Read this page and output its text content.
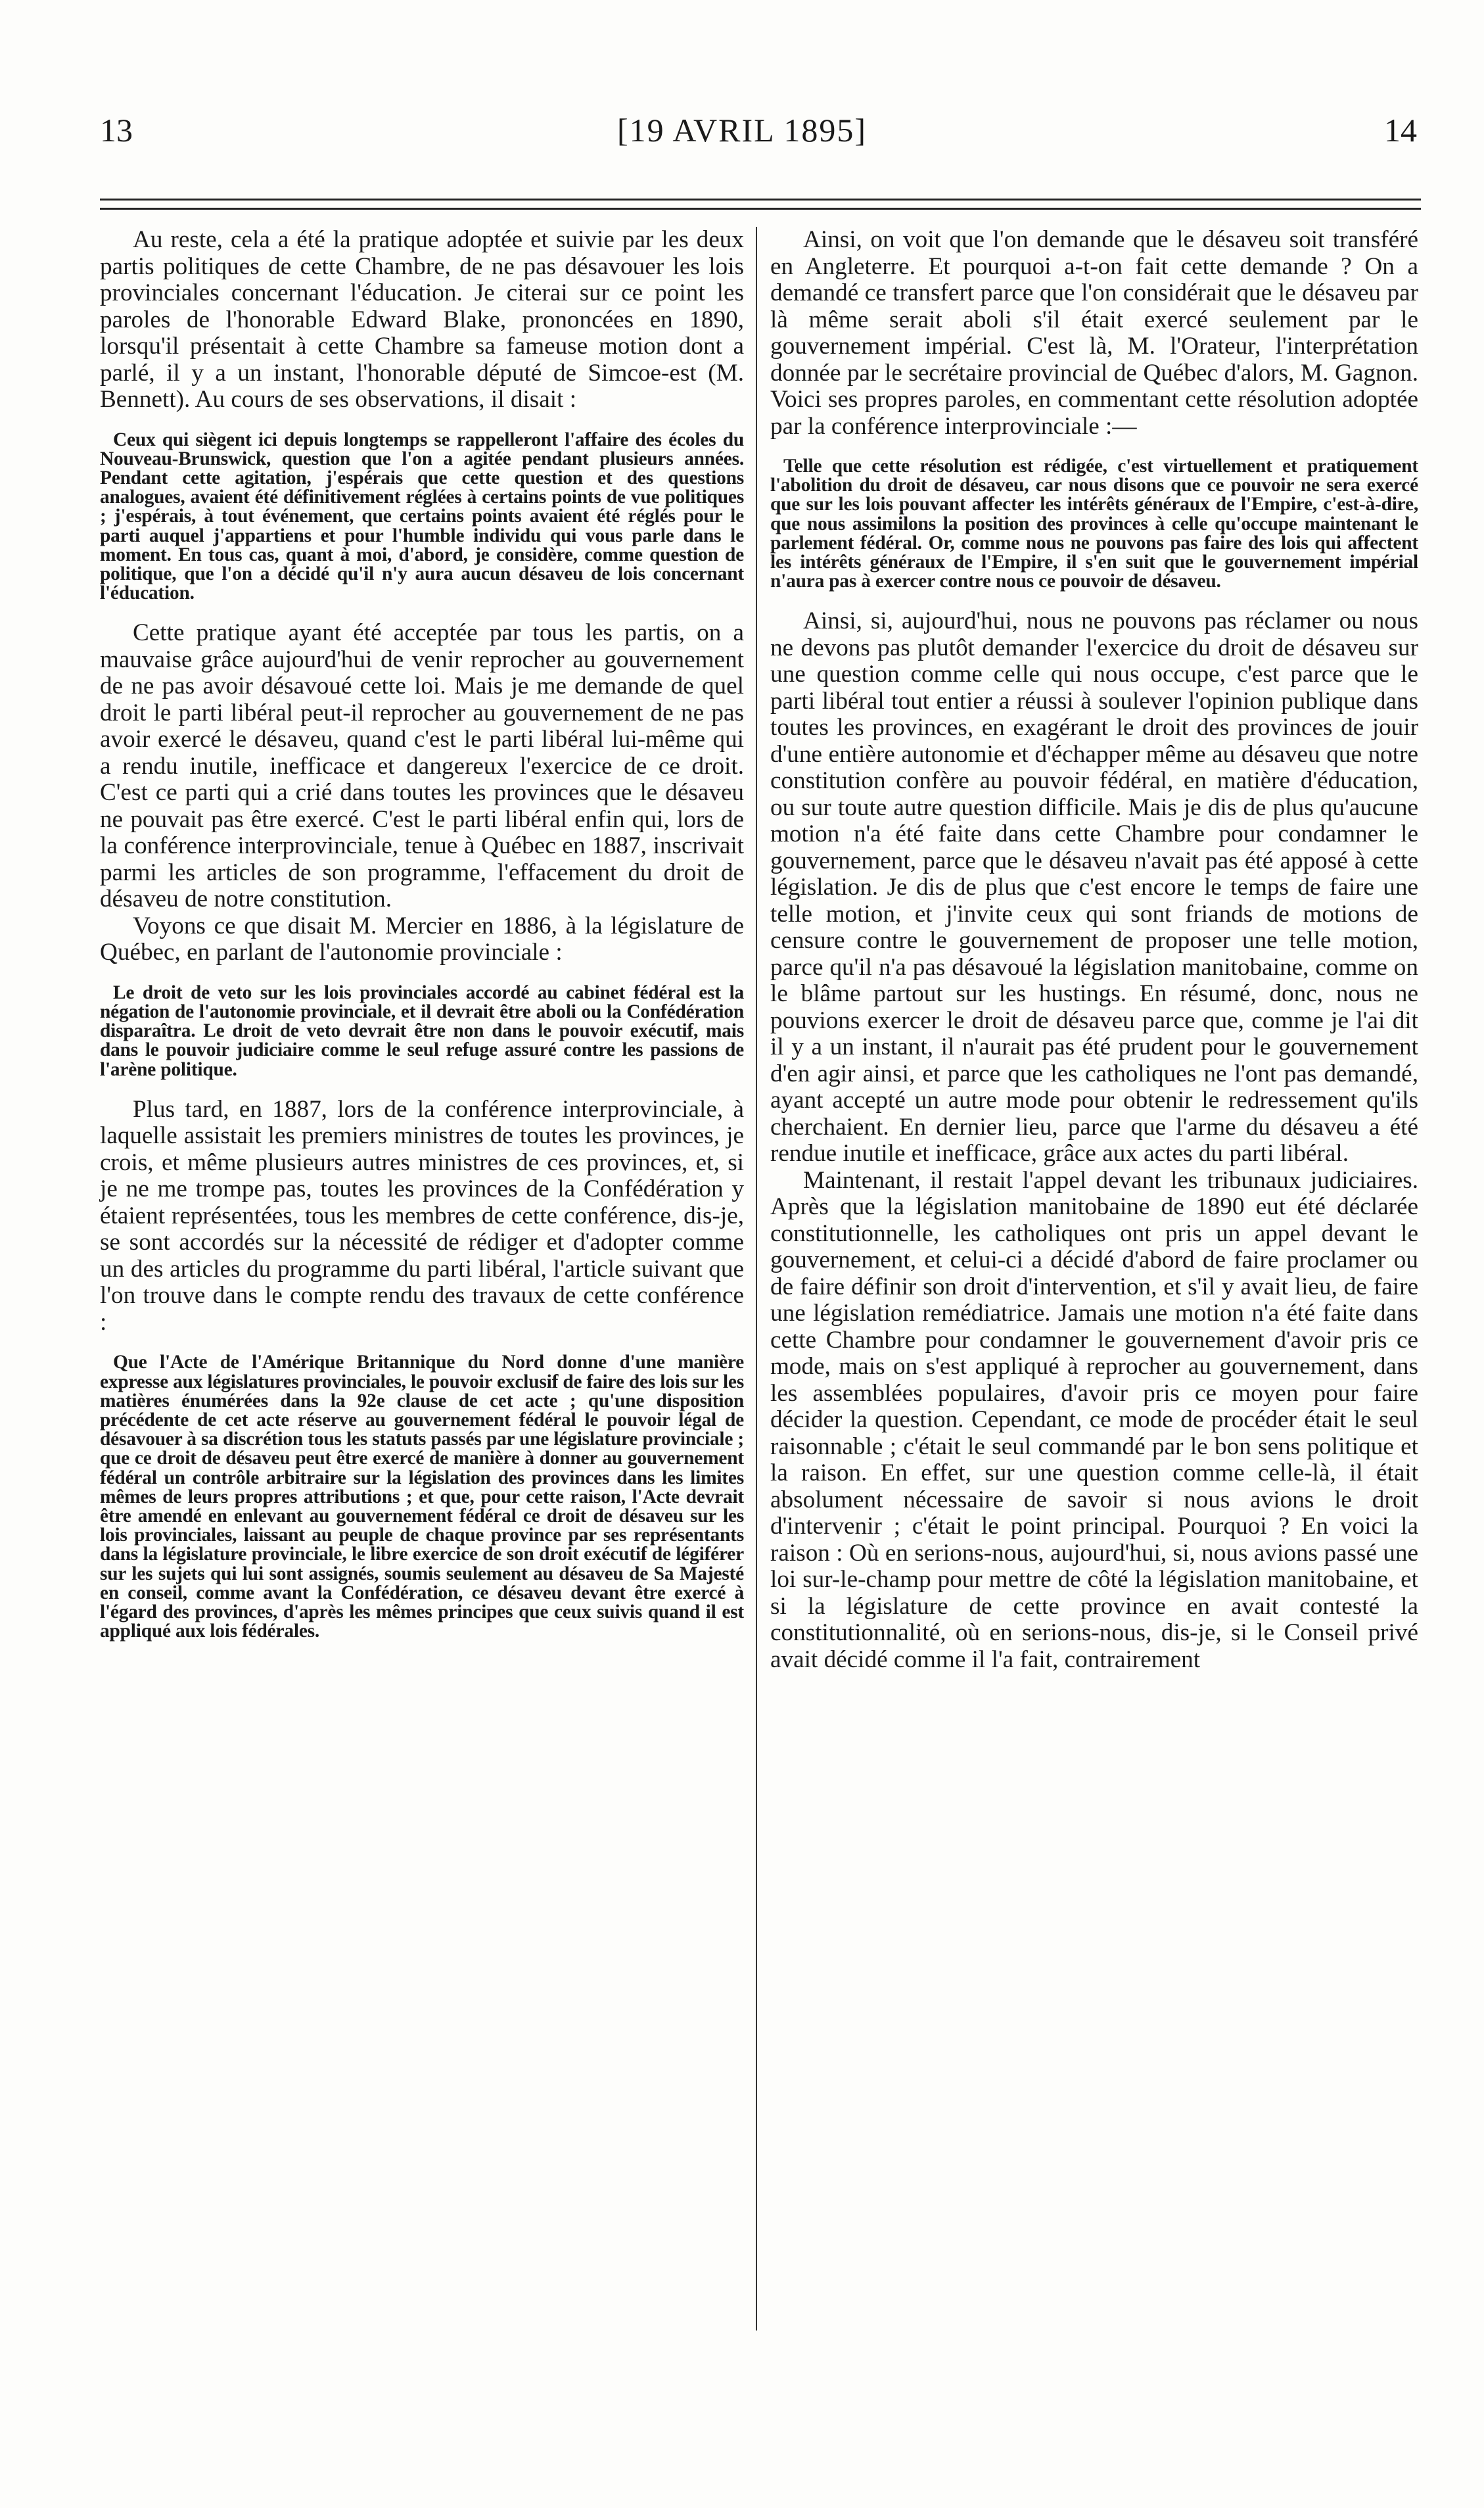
13	[19 AVRIL 1895]	14

Au reste, cela a été la pratique adoptée et suivie par les deux partis politiques de cette Chambre, de ne pas désavouer les lois provinciales concernant l'éducation. Je citerai sur ce point les paroles de l'honorable Edward Blake, prononcées en 1890, lorsqu'il présentait à cette Chambre sa fameuse motion dont a parlé, il y a un instant, l'honorable député de Simcoe-est (M. Bennett). Au cours de ses observations, il disait :

Ceux qui siègent ici depuis longtemps se rappelleront l'affaire des écoles du Nouveau-Brunswick, question que l'on a agitée pendant plusieurs années. Pendant cette agitation, j'espérais que cette question et des questions analogues, avaient été définitivement réglées à certains points de vue politiques ; j'espérais, à tout événement, que certains points avaient été réglés pour le parti auquel j'appartiens et pour l'humble individu qui vous parle dans le moment. En tous cas, quant à moi, d'abord, je considère, comme question de politique, que l'on a décidé qu'il n'y aura aucun désaveu de lois concernant l'éducation.

Cette pratique ayant été acceptée par tous les partis, on a mauvaise grâce aujourd'hui de venir reprocher au gouvernement de ne pas avoir désavoué cette loi. Mais je me demande de quel droit le parti libéral peut-il reprocher au gouvernement de ne pas avoir exercé le désaveu, quand c'est le parti libéral lui-même qui a rendu inutile, inefficace et dangereux l'exercice de ce droit. C'est ce parti qui a crié dans toutes les provinces que le désaveu ne pouvait pas être exercé. C'est le parti libéral enfin qui, lors de la conférence interprovinciale, tenue à Québec en 1887, inscrivait parmi les articles de son programme, l'effacement du droit de désaveu de notre constitution.

Voyons ce que disait M. Mercier en 1886, à la législature de Québec, en parlant de l'autonomie provinciale :

Le droit de veto sur les lois provinciales accordé au cabinet fédéral est la négation de l'autonomie provinciale, et il devrait être aboli ou la Confédération disparaîtra. Le droit de veto devrait être non dans le pouvoir exécutif, mais dans le pouvoir judiciaire comme le seul refuge assuré contre les passions de l'arène politique.

Plus tard, en 1887, lors de la conférence interprovinciale, à laquelle assistait les premiers ministres de toutes les provinces, je crois, et même plusieurs autres ministres de ces provinces, et, si je ne me trompe pas, toutes les provinces de la Confédération y étaient représentées, tous les membres de cette conférence, dis-je, se sont accordés sur la nécessité de rédiger et d'adopter comme un des articles du programme du parti libéral, l'article suivant que l'on trouve dans le compte rendu des travaux de cette conférence :

Que l'Acte de l'Amérique Britannique du Nord donne d'une manière expresse aux législatures provinciales, le pouvoir exclusif de faire des lois sur les matières énumérées dans la 92e clause de cet acte ; qu'une disposition précédente de cet acte réserve au gouvernement fédéral le pouvoir légal de désavouer à sa discrétion tous les statuts passés par une législature provinciale ; que ce droit de désaveu peut être exercé de manière à donner au gouvernement fédéral un contrôle arbitraire sur la législation des provinces dans les limites mêmes de leurs propres attributions ; et que, pour cette raison, l'Acte devrait être amendé en enlevant au gouvernement fédéral ce droit de désaveu sur les lois provinciales, laissant au peuple de chaque province par ses représentants dans la législature provinciale, le libre exercice de son droit exécutif de légiférer sur les sujets qui lui sont assignés, soumis seulement au désaveu de Sa Majesté en conseil, comme avant la Confédération, ce désaveu devant être exercé à l'égard des provinces, d'après les mêmes principes que ceux suivis quand il est appliqué aux lois fédérales.

Ainsi, on voit que l'on demande que le désaveu soit transféré en Angleterre. Et pourquoi a-t-on fait cette demande ? On a demandé ce transfert parce que l'on considérait que le désaveu par là même serait aboli s'il était exercé seulement par le gouvernement impérial. C'est là, M. l'Orateur, l'interprétation donnée par le secrétaire provincial de Québec d'alors, M. Gagnon. Voici ses propres paroles, en commentant cette résolution adoptée par la conférence interprovinciale :—

Telle que cette résolution est rédigée, c'est virtuellement et pratiquement l'abolition du droit de désaveu, car nous disons que ce pouvoir ne sera exercé que sur les lois pouvant affecter les intérêts généraux de l'Empire, c'est-à-dire, que nous assimilons la position des provinces à celle qu'occupe maintenant le parlement fédéral. Or, comme nous ne pouvons pas faire des lois qui affectent les intérêts généraux de l'Empire, il s'en suit que le gouvernement impérial n'aura pas à exercer contre nous ce pouvoir de désaveu.

Ainsi, si, aujourd'hui, nous ne pouvons pas réclamer ou nous ne devons pas plutôt demander l'exercice du droit de désaveu sur une question comme celle qui nous occupe, c'est parce que le parti libéral tout entier a réussi à soulever l'opinion publique dans toutes les provinces, en exagérant le droit des provinces de jouir d'une entière autonomie et d'échapper même au désaveu que notre constitution confère au pouvoir fédéral, en matière d'éducation, ou sur toute autre question difficile. Mais je dis de plus qu'aucune motion n'a été faite dans cette Chambre pour condamner le gouvernement, parce que le désaveu n'avait pas été apposé à cette législation. Je dis de plus que c'est encore le temps de faire une telle motion, et j'invite ceux qui sont friands de motions de censure contre le gouvernement de proposer une telle motion, parce qu'il n'a pas désavoué la législation manitobaine, comme on le blâme partout sur les hustings. En résumé, donc, nous ne pouvions exercer le droit de désaveu parce que, comme je l'ai dit il y a un instant, il n'aurait pas été prudent pour le gouvernement d'en agir ainsi, et parce que les catholiques ne l'ont pas demandé, ayant accepté un autre mode pour obtenir le redressement qu'ils cherchaient. En dernier lieu, parce que l'arme du désaveu a été rendue inutile et inefficace, grâce aux actes du parti libéral.

Maintenant, il restait l'appel devant les tribunaux judiciaires. Après que la législation manitobaine de 1890 eut été déclarée constitutionnelle, les catholiques ont pris un appel devant le gouvernement, et celui-ci a décidé d'abord de faire proclamer ou de faire définir son droit d'intervention, et s'il y avait lieu, de faire une législation remédiatrice. Jamais une motion n'a été faite dans cette Chambre pour condamner le gouvernement d'avoir pris ce mode, mais on s'est appliqué à reprocher au gouvernement, dans les assemblées populaires, d'avoir pris ce moyen pour faire décider la question. Cependant, ce mode de procéder était le seul raisonnable ; c'était le seul commandé par le bon sens politique et la raison. En effet, sur une question comme celle-là, il était absolument nécessaire de savoir si nous avions le droit d'intervenir ; c'était le point principal. Pourquoi ? En voici la raison : Où en serions-nous, aujourd'hui, si, nous avions passé une loi sur-le-champ pour mettre de côté la législation manitobaine, et si la législature de cette province en avait contesté la constitutionnalité, où en serions-nous, dis-je, si le Conseil privé avait décidé comme il l'a fait, contrairement
